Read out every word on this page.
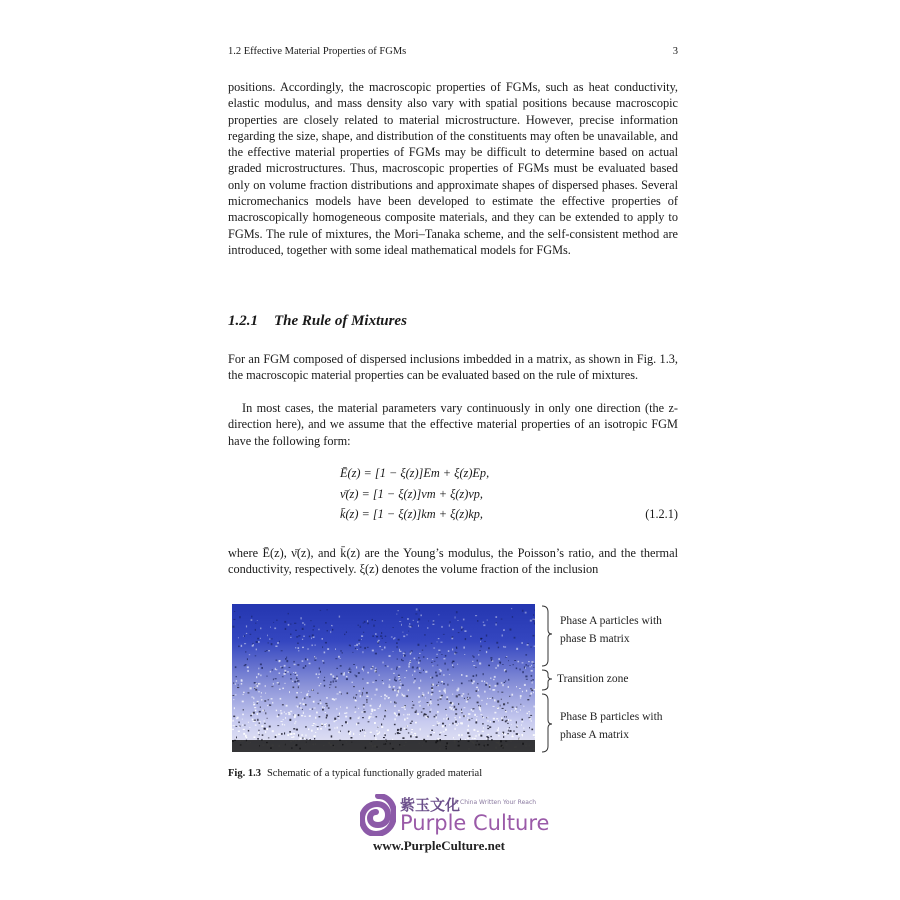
1.2 Effective Material Properties of FGMs	3
positions. Accordingly, the macroscopic properties of FGMs, such as heat conductivity, elastic modulus, and mass density also vary with spatial positions because macroscopic properties are closely related to material microstructure. However, precise information regarding the size, shape, and distribution of the constituents may often be unavailable, and the effective material properties of FGMs may be difficult to determine based on actual graded microstructures. Thus, macroscopic properties of FGMs must be evaluated based only on volume fraction distributions and approximate shapes of dispersed phases. Several micromechanics models have been developed to estimate the effective properties of macroscopically homogeneous composite materials, and they can be extended to apply to FGMs. The rule of mixtures, the Mori–Tanaka scheme, and the self-consistent method are introduced, together with some ideal mathematical models for FGMs.
1.2.1 The Rule of Mixtures
For an FGM composed of dispersed inclusions imbedded in a matrix, as shown in Fig. 1.3, the macroscopic material properties can be evaluated based on the rule of mixtures.
In most cases, the material parameters vary continuously in only one direction (the z-direction here), and we assume that the effective material properties of an isotropic FGM have the following form:
Ē(z) = [1 − ξ(z)]Em + ξ(z)Ep,
ν̄(z) = [1 − ξ(z)]νm + ξ(z)νp,
k̄(z) = [1 − ξ(z)]km + ξ(z)kp,	(1.2.1)
where Ē(z), ν̄(z), and k̄(z) are the Young’s modulus, the Poisson’s ratio, and the thermal conductivity, respectively. ξ(z) denotes the volume fraction of the inclusion
Phase A particles with
phase B matrix
Transition zone
Phase B particles with
phase A matrix
Fig. 1.3 Schematic of a typical functionally graded material
紫玉文化
A China Written Your Reach
Purple Culture
www.PurpleCulture.net
